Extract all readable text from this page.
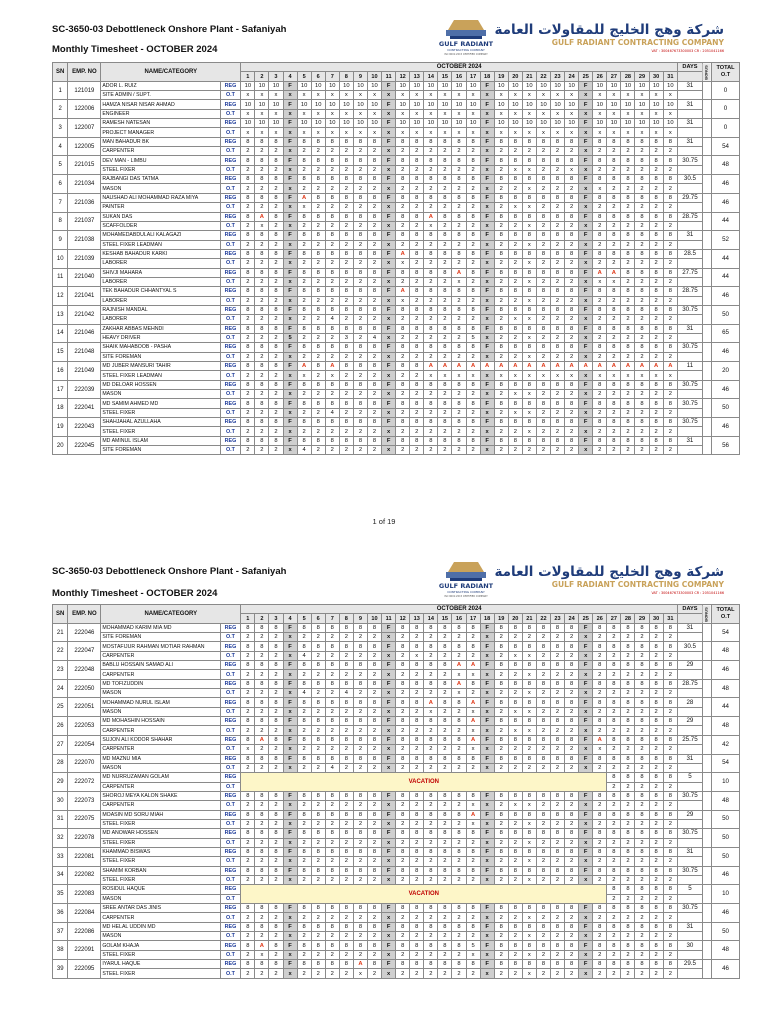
SC-3650-03 Debottleneck Onshore Plant - Safaniyah
Monthly Timesheet - OCTOBER 2024	GULF RADIANT
CONTRACTING COMPANY
ISO 9001:2015 CERTIFIED COMPANY
شركة وهج الخليج للمقاولات العامة
GULF RADIANT CONTRACTING COMPANY
VAT : 300467673300003 CR : 2051041166
SN	EMP. NO	NAME/CATEGORY		OCTOBER 2024																															DAYS	BONUS	TOTAL O.T
				1	2	3	4	5	6	7	8	9	10	11	12	13	14	15	16	17	18	19	20	21	22	23	24	25	26	27	28	29	30	31			
1	121019	ADOR L. RUIZ	REG	10	10	10	F	10	10	10	10	10	10	F	10	10	10	10	10	10	F	10	10	10	10	10	10	F	10	10	10	10	10	10	31		0
		SITE ADMIN / SUPT.	O.T	x	x	x	x	x	x	x	x	x	x	x	x	x	x	x	x	x	x	x	x	x	x	x	x	x	x	x	x	x	x	x			
2	122006	HAMZA NISAR NISAR AHMAD	REG	10	10	10	F	10	10	10	10	10	10	F	10	10	10	10	10	10	F	10	10	10	10	10	10	F	10	10	10	10	10	10	31		0
		ENGINEER	O.T	x	x	x	x	x	x	x	x	x	x	x	x	x	x	x	x	x	x	x	x	x	x	x	x	x	x	x	x	x	x	x			
3	122007	RAMESH NATESAN	REG	10	10	10	F	10	10	10	10	10	10	F	10	10	10	10	10	10	F	10	10	10	10	10	10	F	10	10	10	10	10	10	31		0
		PROJECT MANAGER	O.T	x	x	x	x	x	x	x	x	x	x	x	x	x	x	x	x	x	x	x	x	x	x	x	x	x	x	x	x	x	x	x			
4	122005	MAN BAHADUR BK	REG	8	8	8	F	8	8	8	8	8	8	F	8	8	8	8	8	8	F	8	8	8	8	8	8	F	8	8	8	8	8	8	31		54
		CARPENTER	O.T	2	2	2	x	2	2	2	2	2	2	x	2	2	2	2	2	2	x	2	2	2	2	2	2	x	2	2	2	2	2	2			
5	221015	DEV MAN - LIMBU	REG	8	8	8	F	8	8	8	8	8	8	F	8	8	8	8	8	8	F	8	8	8	8	8	8	F	8	8	8	8	8	8	30.75		48
		STEEL FIXER	O.T	2	2	2	x	2	2	2	2	2	2	x	2	2	2	2	2	2	x	2	x	x	2	2	x	x	2	2	2	2	2	2			
6	221034	RAJBANGI DAS TATMA	REG	8	8	8	F	8	8	8	8	8	8	F	8	8	8	8	8	8	F	8	8	8	8	8	8	F	8	8	8	8	8	8	30.5		46
		MASON	O.T	2	2	2	x	2	2	2	2	2	2	x	2	2	2	2	2	2	x	2	2	x	2	2	2	x	x	2	2	2	2	2			
7	221036	NAUSHAD ALI MOHAMMAD RAZA MIYA	REG	8	8	8	F	A	8	8	8	8	8	F	8	8	8	8	8	8	F	8	8	8	8	8	8	F	8	8	8	8	8	8	29.75		46
		PAINTER	O.T	2	2	2	x	x	2	2	2	2	2	x	2	2	2	2	2	2	x	2	x	x	2	2	2	x	2	2	2	2	2	2			
8	221037	SUKAN DAS	REG	8	A	8	F	8	8	8	8	8	8	F	8	8	A	8	8	8	F	8	8	8	8	8	8	F	8	8	8	8	8	8	28.75		44
		SCAFFOLDER	O.T	2	x	2	x	2	2	2	2	2	2	x	2	2	x	2	2	2	x	2	2	x	2	2	2	x	2	2	2	2	2	2			
9	221038	MOHAMEDABDULALI KALAGAZI	REG	8	8	8	F	8	8	8	8	8	8	F	8	8	8	8	8	8	F	8	8	8	8	8	8	F	8	8	8	8	8	8	31		52
		STEEL FIXER LEADMAN	O.T	2	2	2	x	2	2	2	2	2	2	x	2	2	2	2	2	2	x	2	2	x	2	2	2	x	2	2	2	2	2	2			
10	221039	KESHAB BAHADUR KARKI	REG	8	8	8	F	8	8	8	8	8	8	F	A	8	8	8	8	8	F	8	8	8	8	8	8	F	8	8	8	8	8	8	28.5		44
		LABORER	O.T	2	2	2	x	2	2	2	2	2	2	x	x	2	2	2	2	2	x	2	2	x	2	2	2	x	2	2	2	2	2	2			
11	221040	SHIVJI MAHARA	REG	8	8	8	F	8	8	8	8	8	8	F	8	8	8	8	A	8	F	8	8	8	8	8	8	F	A	A	8	8	8	8	27.75		44
		LABORER	O.T	2	2	2	x	2	2	2	2	2	2	x	2	2	2	2	x	2	x	2	2	x	2	2	2	x	x	x	2	2	2	2			
12	221041	TEK BAHADUR CHHANTYAL S	REG	8	8	8	F	8	8	8	8	8	8	F	A	8	8	8	8	8	F	8	8	8	8	8	8	F	8	8	8	8	8	8	28.75		46
		LABORER	O.T	2	2	2	x	2	2	2	2	2	2	x	x	2	2	2	2	2	x	2	2	x	2	2	2	x	2	2	2	2	2	2			
13	221042	RAJNISH MANDAL	REG	8	8	8	F	8	8	8	8	8	8	F	8	8	8	8	8	8	F	8	8	8	8	8	8	F	8	8	8	8	8	8	30.75		50
		LABORER	O.T	2	2	2	x	2	2	4	2	2	2	x	2	2	2	2	2	2	x	2	x	x	2	2	2	x	2	2	2	2	2	2			
14	221046	ZAKHAR ABBAS MEHNDI	REG	8	8	8	F	8	8	8	8	8	8	F	8	8	8	8	8	8	F	8	8	8	8	8	8	F	8	8	8	8	8	8	31		65
		HEAVY DRIVER	O.T	2	2	2	5	2	2	2	3	2	4	x	2	2	2	2	2	5	x	2	2	x	2	2	2	x	2	2	2	2	2	2			
15	221048	SHAIK MAHABOOB - PASHA	REG	8	8	8	F	8	8	8	8	8	8	F	8	8	8	8	8	8	F	8	8	8	8	8	8	F	8	8	8	8	8	8	30.75		46
		SITE FOREMAN	O.T	2	2	2	x	2	2	2	2	2	2	x	2	2	2	2	2	2	x	2	2	x	2	2	2	x	2	2	2	2	2	2			
16	221049	MD JUBER MANSURI TAHIR	REG	8	8	8	F	A	8	A	8	8	8	F	8	8	A	A	A	A	A	A	A	A	A	A	A	A	A	A	A	A	A	A	11		20
		STEEL FIXER LEADMAN	O.T	2	2	2	x	x	2	x	2	2	2	x	2	2	x	x	x	x	x	x	x	x	x	x	x	x	x	x	x	x	x	x			
17	222039	MD DELOAR HOSSEN	REG	8	8	8	F	8	8	8	8	8	8	F	8	8	8	8	8	8	F	8	8	8	8	8	8	F	8	8	8	8	8	8	30.75		46
		MASON	O.T	2	2	2	x	2	2	2	2	2	2	x	2	2	2	2	2	2	x	2	x	x	2	2	2	x	2	2	2	2	2	2			
18	222041	MD SAMIM AHMED MD	REG	8	8	8	F	8	8	8	8	8	8	F	8	8	8	8	8	8	F	8	8	8	8	8	8	F	8	8	8	8	8	8	30.75		50
		STEEL FIXER	O.T	2	2	2	x	2	2	4	2	2	2	x	2	2	2	2	2	2	x	2	x	x	2	2	2	x	2	2	2	2	2	2			
19	222043	SHAHJAHAL AZULLAHA	REG	8	8	8	F	8	8	8	8	8	8	F	8	8	8	8	8	8	F	8	8	8	8	8	8	F	8	8	8	8	8	8	30.75		46
		STEEL FIXER	O.T	2	2	2	x	2	2	2	2	2	2	x	2	2	2	2	2	2	x	2	2	x	2	2	2	x	2	2	2	2	2	2			
20	222045	MD AMINUL ISLAM	REG	8	8	8	F	8	8	8	8	8	8	F	8	8	8	8	8	8	F	8	8	8	8	8	8	F	8	8	8	8	8	8	31		56
		SITE FOREMAN	O.T	2	2	2	x	4	2	2	2	2	2	x	2	2	2	2	2	2	x	2	2	2	2	2	2	x	2	2	2	2	2	2			
1 of 19
SC-3650-03 Debottleneck Onshore Plant - Safaniyah
Monthly Timesheet - OCTOBER 2024
GULF RADIANT
CONTRACTING COMPANY
ISO 9001:2015 CERTIFIED COMPANY
شركة وهج الخليج للمقاولات العامة
GULF RADIANT CONTRACTING COMPANY
VAT : 300467673300003 CR : 2051041166
SN	EMP. NO	NAME/CATEGORY		OCTOBER 2024																															DAYS	BONUS	TOTAL O.T
				1	2	3	4	5	6	7	8	9	10	11	12	13	14	15	16	17	18	19	20	21	22	23	24	25	26	27	28	29	30	31			
21	222046	MOHAMMAD KARIM MIA MD	REG	8	8	8	F	8	8	8	8	8	8	F	8	8	8	8	8	8	F	8	8	8	8	8	8	F	8	8	8	8	8	8	31		54
		SITE FOREMAN	O.T	2	2	2	x	2	2	2	2	2	2	x	2	2	2	2	2	2	x	2	2	2	2	2	2	x	2	2	2	2	2	2			
22	222047	MOSTAFIJUR RAHMAN MOTIAR RAHMAN	REG	8	8	8	F	8	8	8	8	8	8	F	8	8	8	8	8	8	F	8	8	8	8	8	8	F	8	8	8	8	8	8	30.5		48
		CARPENTER	O.T	2	2	2	x	4	2	2	2	2	2	x	2	x	2	2	2	2	x	2	x	x	2	2	2	x	2	2	2	2	2	2			
23	222048	BABLU HOSSAIN SAMAD ALI	REG	8	8	8	F	8	8	8	8	8	8	F	8	8	8	8	A	A	F	8	8	8	8	8	8	F	8	8	8	8	8	8	29		46
		CARPENTER	O.T	2	2	2	x	2	2	2	2	2	2	x	2	2	2	2	x	x	x	2	2	x	2	2	2	x	2	2	2	2	2	2			
24	222050	MD TOFIZUDDIN	REG	8	8	8	F	8	8	8	8	8	8	F	8	8	8	8	A	8	F	8	8	8	8	8	8	F	8	8	8	8	8	8	28.75		48
		MASON	O.T	2	2	2	x	4	2	2	4	2	2	x	2	2	2	2	x	2	x	2	2	x	2	2	2	x	2	2	2	2	2	2			
25	222051	MOHAMMAD NURUL ISLAM	REG	8	8	8	F	8	8	8	8	8	8	F	8	8	A	8	8	A	F	8	8	8	8	8	8	F	8	8	8	8	8	8	28		44
		MASON	O.T	2	2	2	x	2	2	2	2	2	2	x	2	2	x	2	2	x	x	2	x	x	2	2	2	x	2	2	2	2	2	2			
26	222053	MD MOHASHIN HOSSAIN	REG	8	8	8	F	8	8	8	8	8	8	F	8	8	8	8	8	A	F	8	8	8	8	8	8	F	8	8	8	8	8	8	29		48
		CARPENTER	O.T	2	2	2	x	2	2	2	2	2	2	x	2	2	2	2	2	x	x	2	x	x	2	2	2	x	2	2	2	2	2	2			
27	222054	SUJON ALI KODOR SHAHAR	REG	8	A	8	F	8	8	8	8	8	8	F	8	8	8	8	8	A	F	8	8	8	8	8	8	F	A	8	8	8	8	8	25.75		42
		CARPENTER	O.T	x	2	2	x	2	2	2	2	2	2	x	2	2	2	2	2	x	x	2	2	2	2	2	2	x	x	2	2	2	2	2			
28	222070	MD MAZNU MIA	REG	8	8	8	F	8	8	8	8	8	8	F	8	8	8	8	8	8	F	8	8	8	8	8	8	F	8	8	8	8	8	8	31		54
		MASON	O.T	2	2	2	x	2	2	4	2	2	2	x	2	2	2	2	2	2	x	2	2	2	2	2	2	x	2	2	2	2	2	2			
29	222072	MD NURRUZAMAN GOLAM	REG	VACATION																										8	8	8	8	8	5		10
		CARPENTER	O.T																											2	2	2	2	2			
30	222073	SHOROJ MEYA KALON SHAKE	REG	8	8	8	F	8	8	8	8	8	8	F	8	8	8	8	8	8	F	8	8	8	8	8	8	F	8	8	8	8	8	8	30.75		48
		CARPENTER	O.T	2	2	2	x	2	2	2	2	2	2	x	2	2	2	2	2	x	x	2	x	x	2	2	2	x	2	2	2	2	2	2			
31	222075	MOASIN MD SORU MIAH	REG	8	8	8	F	8	8	8	8	8	8	F	8	8	8	8	8	A	F	8	8	8	8	8	8	F	8	8	8	8	8	8	29		50
		STEEL FIXER	O.T	2	2	2	x	2	2	2	2	2	2	x	2	2	2	2	2	x	x	2	2	x	2	2	2	x	2	2	2	2	2	2			
32	222078	MD ANOWAR HOSSEN	REG	8	8	8	F	8	8	8	8	8	8	F	8	8	8	8	8	8	F	8	8	8	8	8	8	F	8	8	8	8	8	8	30.75		50
		STEEL FIXER	O.T	2	2	2	x	2	2	2	2	2	2	x	2	2	2	2	2	2	x	2	2	x	2	2	2	x	2	2	2	2	2	2			
33	222081	KHAMMAD BISWAS	REG	8	8	8	F	8	8	8	8	8	8	F	8	8	8	8	8	8	F	8	8	8	8	8	8	F	8	8	8	8	8	8	31		50
		STEEL FIXER	O.T	2	2	2	x	2	2	2	2	2	2	x	2	2	2	2	2	2	x	2	2	x	2	2	2	x	2	2	2	2	2	2			
34	222082	SHAMIM KORBAN	REG	8	8	8	F	8	8	8	8	8	8	F	8	8	8	8	8	8	F	8	8	8	8	8	8	F	8	8	8	8	8	8	30.75		46
		STEEL FIXER	O.T	2	2	2	x	2	2	2	2	2	2	x	2	2	2	2	2	2	x	2	2	x	2	2	2	x	2	2	2	2	2	2			
35	222083	ROSIDUL HAQUE	REG	VACATION																										8	8	8	8	8	5		10
		MASON	O.T																											2	2	2	2	2			
36	222084	SREE ANTAR DAS JINIS	REG	8	8	8	F	8	8	8	8	8	8	F	8	8	8	8	8	8	F	8	8	8	8	8	8	F	8	8	8	8	8	8	30.75		46
		CARPENTER	O.T	2	2	2	x	2	2	2	2	2	2	x	2	2	2	2	2	2	x	2	2	x	2	2	2	x	2	2	2	2	2	2			
37	222086	MD HELAL UDDIN MD	REG	8	8	8	F	8	8	8	8	8	8	F	8	8	8	8	8	8	F	8	8	8	8	8	8	F	8	8	8	8	8	8	31		50
		MASON	O.T	2	2	2	x	2	2	2	2	2	2	x	2	2	2	2	2	2	x	2	2	x	2	2	2	x	2	2	2	2	2	2			
38	222091	GOLAM KHAJA	REG	8	A	8	F	8	8	8	8	8	8	F	8	8	8	8	8	5	F	8	8	8	8	8	8	F	8	8	8	8	8	8	30		48
		STEEL FIXER	O.T	2	x	2	x	2	2	2	2	2	2	x	2	2	2	2	2	x	x	2	2	x	2	2	2	x	2	2	2	2	2	2			
39	222095	IYARUL HAQUE	REG	8	8	8	F	8	8	8	8	A	8	F	8	8	8	8	8	8	F	8	8	8	8	8	8	F	8	8	8	8	8	8	29.5		46
		STEEL FIXER	O.T	2	2	2	x	2	2	2	2	x	2	x	2	2	2	2	2	2	x	2	2	x	2	2	2	x	2	2	2	2	2	2			
